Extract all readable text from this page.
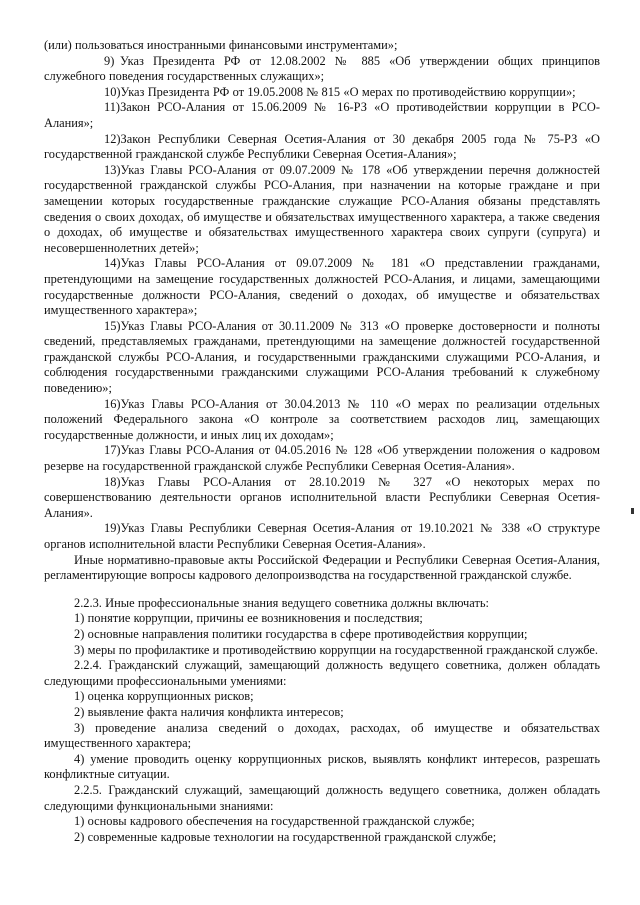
(или) пользоваться иностранными финансовыми инструментами»;

9) Указ Президента РФ от 12.08.2002 № 885 «Об утверждении общих принципов служебного поведения государственных служащих»;

10)Указ Президента РФ от 19.05.2008 № 815 «О мерах по противодействию коррупции»;

11)Закон РСО-Алания от 15.06.2009 № 16-РЗ «О противодействии коррупции в РСО-Алания»;

12)Закон Республики Северная Осетия-Алания от 30 декабря 2005 года № 75-РЗ «О государственной гражданской службе Республики Северная Осетия-Алания»;

13)Указ Главы РСО-Алания от 09.07.2009 № 178 «Об утверждении перечня должностей государственной гражданской службы РСО-Алания, при назначении на которые граждане и при замещении которых государственные гражданские служащие РСО-Алания обязаны представлять сведения о своих доходах, об имуществе и обязательствах имущественного характера, а также сведения о доходах, об имуществе и обязательствах имущественного характера своих супруги (супруга) и несовершеннолетних детей»;

14)Указ Главы РСО-Алания от 09.07.2009 № 181 «О представлении гражданами, претендующими на замещение государственных должностей РСО-Алания, и лицами, замещающими государственные должности РСО-Алания, сведений о доходах, об имуществе и обязательствах имущественного характера»;

15)Указ Главы РСО-Алания от 30.11.2009 № 313 «О проверке достоверности и полноты сведений, представляемых гражданами, претендующими на замещение должностей государственной гражданской службы РСО-Алания, и государственными гражданскими служащими РСО-Алания, и соблюдения государственными гражданскими служащими РСО-Алания требований к служебному поведению»;

16)Указ Главы РСО-Алания от 30.04.2013 № 110 «О мерах по реализации отдельных положений Федерального закона «О контроле за соответствием расходов лиц, замещающих государственные должности, и иных лиц их доходам»;

17)Указ Главы РСО-Алания от 04.05.2016 № 128 «Об утверждении положения о кадровом резерве на государственной гражданской службе Республики Северная Осетия-Алания».

18)Указ Главы РСО-Алания от 28.10.2019 № 327 «О некоторых мерах по совершенствованию деятельности органов исполнительной власти Республики Северная Осетия-Алания».

19)Указ Главы Республики Северная Осетия-Алания от 19.10.2021 № 338 «О структуре органов исполнительной власти Республики Северная Осетия-Алания».

Иные нормативно-правовые акты Российской Федерации и Республики Северная Осетия-Алания, регламентирующие вопросы кадрового делопроизводства на государственной гражданской службе.

2.2.3. Иные профессиональные знания ведущего советника должны включать:

1) понятие коррупции, причины ее возникновения и последствия;

2) основные направления политики государства в сфере противодействия коррупции;

3) меры по профилактике и противодействию коррупции на государственной гражданской службе.

2.2.4. Гражданский служащий, замещающий должность ведущего советника, должен обладать следующими профессиональными умениями:

1) оценка коррупционных рисков;

2) выявление факта наличия конфликта интересов;

3) проведение анализа сведений о доходах, расходах, об имуществе и обязательствах имущественного характера;

4) умение проводить оценку коррупционных рисков, выявлять конфликт интересов, разрешать конфликтные ситуации.

2.2.5. Гражданский служащий, замещающий должность ведущего советника, должен обладать следующими функциональными знаниями:

1) основы кадрового обеспечения на государственной гражданской службе;

2) современные кадровые технологии на государственной гражданской службе;
